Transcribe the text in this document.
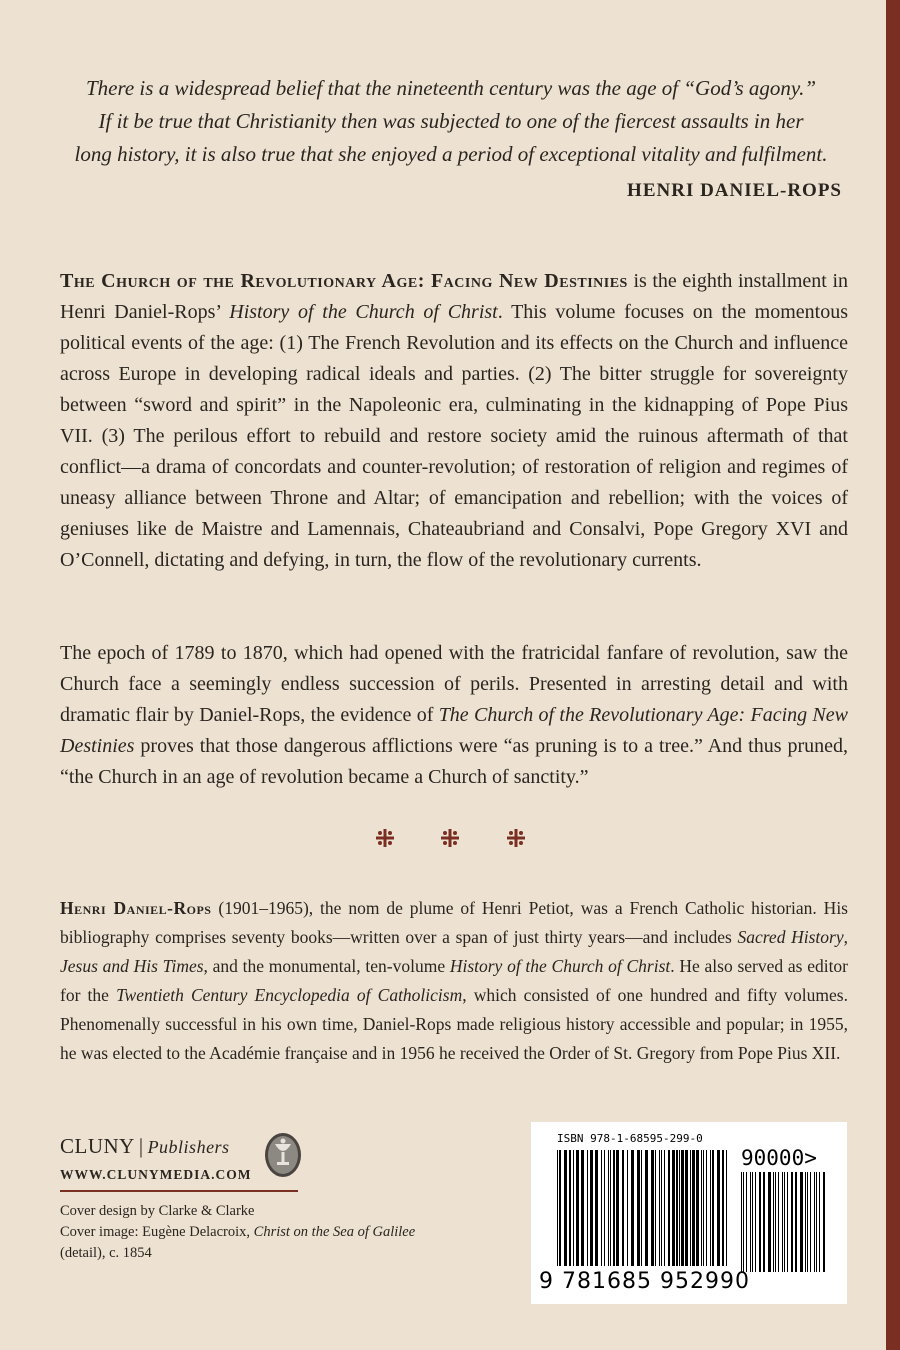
There is a widespread belief that the nineteenth century was the age of “God’s agony.”
If it be true that Christianity then was subjected to one of the fiercest assaults in her
long history, it is also true that she enjoyed a period of exceptional vitality and fulfilment.
HENRI DANIEL-ROPS
The Church of the Revolutionary Age: Facing New Destinies is the eighth installment in Henri Daniel-Rops’ History of the Church of Christ. This volume focuses on the momentous political events of the age: (1) The French Revolution and its effects on the Church and influence across Europe in developing radical ideals and parties. (2) The bitter struggle for sovereignty between “sword and spirit” in the Napoleonic era, culminating in the kidnapping of Pope Pius VII. (3) The perilous effort to rebuild and restore society amid the ruinous aftermath of that conflict—a drama of concordats and counter-revolution; of restoration of religion and regimes of uneasy alliance between Throne and Altar; of emancipation and rebellion; with the voices of geniuses like de Maistre and Lamennais, Chateaubriand and Consalvi, Pope Gregory XVI and O’Connell, dictating and defying, in turn, the flow of the revolutionary currents.
The epoch of 1789 to 1870, which had opened with the fratricidal fanfare of revolution, saw the Church face a seemingly endless succession of perils. Presented in arresting detail and with dramatic flair by Daniel-Rops, the evidence of The Church of the Revolutionary Age: Facing New Destinies proves that those dangerous afflictions were “as pruning is to a tree.” And thus pruned, “the Church in an age of revolution became a Church of sanctity.”

Henri Daniel-Rops (1901–1965), the nom de plume of Henri Petiot, was a French Catholic historian. His bibliography comprises seventy books—written over a span of just thirty years—and includes Sacred History, Jesus and His Times, and the monumental, ten-volume History of the Church of Christ. He also served as editor for the Twentieth Century Encyclopedia of Catholicism, which consisted of one hundred and fifty volumes. Phenomenally successful in his own time, Daniel-Rops made religious history accessible and popular; in 1955, he was elected to the Académie française and in 1956 he received the Order of St. Gregory from Pope Pius XII.
CLUNY | Publishers
WWW.CLUNYMEDIA.COM
Cover design by Clarke & Clarke
Cover image: Eugène Delacroix, Christ on the Sea of Galilee
(detail), c. 1854
ISBN 978-1-68595-299-0
90000>
9 781685 952990
